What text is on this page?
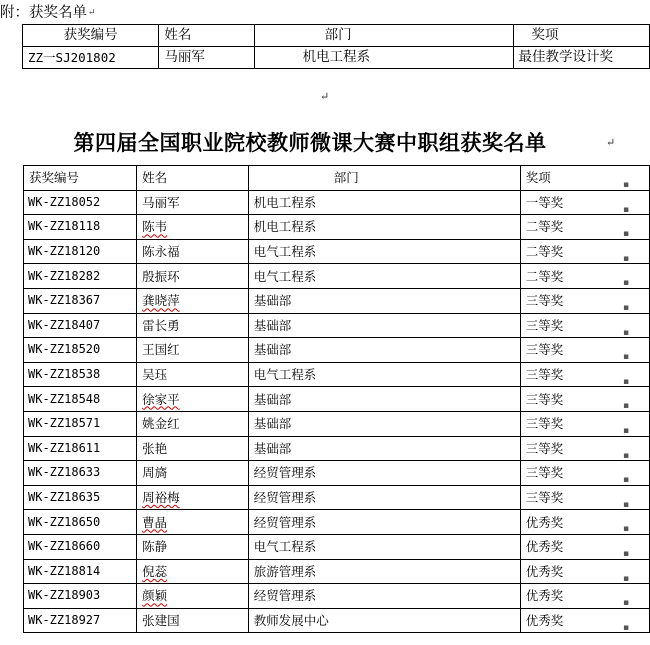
附：获奖名单↵
获奖编号	姓名	部门	奖项
ZZ一SJ201802	马丽军	机电工程系	最佳教学设计奖
↵
第四届全国职业院校教师微课大赛中职组获奖名单	↵
获奖编号	姓名	部门	奖项
WK-ZZ18052	马丽军	机电工程系	一等奖
WK-ZZ18118	陈韦	机电工程系	二等奖
WK-ZZ18120	陈永福	电气工程系	二等奖
WK-ZZ18282	殷振环	电气工程系	二等奖
WK-ZZ18367	龚晓萍	基础部	三等奖
WK-ZZ18407	雷长勇	基础部	三等奖
WK-ZZ18520	王国红	基础部	三等奖
WK-ZZ18538	吴珏	电气工程系	三等奖
WK-ZZ18548	徐家平	基础部	三等奖
WK-ZZ18571	姚金红	基础部	三等奖
WK-ZZ18611	张艳	基础部	三等奖
WK-ZZ18633	周旖	经贸管理系	三等奖
WK-ZZ18635	周裕梅	经贸管理系	三等奖
WK-ZZ18650	曹晶	经贸管理系	优秀奖
WK-ZZ18660	陈静	电气工程系	优秀奖
WK-ZZ18814	倪蕊	旅游管理系	优秀奖
WK-ZZ18903	颜颖	经贸管理系	优秀奖
WK-ZZ18927	张建国	教师发展中心	优秀奖
▪
▪
▪
▪
▪
▪
▪
▪
▪
▪
▪
▪
▪
▪
▪
▪
▪
▪
▪
